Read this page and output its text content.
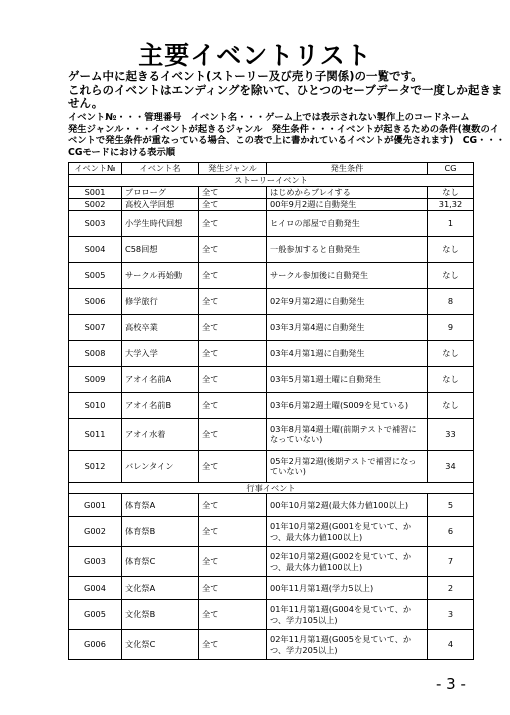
主要イベントリスト

ゲーム中に起きるイベント(ストーリー及び売り子関係)の一覧です。

これらのイベントはエンディングを除いて、ひとつのセーブデータで一度しか起きません。

イベント№・・・管理番号　イベント名・・・ゲーム上では表示されない製作上のコードネーム

発生ジャンル・・・イベントが起きるジャンル　発生条件・・・イベントが起きるための条件(複数のイベントで発生条件が重なっている場合、この表で上に書かれているイベントが優先されます)　CG・・・CGモードにおける表示順

イベント№	イベント名	発生ジャンル	発生条件	CG
ストーリーイベント				
S001	プロローグ	全て	はじめからプレイする	なし
S002	高校入学回想	全て	00年9月2週に自動発生	31,32
S003	小学生時代回想	全て	ヒイロの部屋で自動発生	1
S004	C58回想	全て	一般参加すると自動発生	なし
S005	サークル再始動	全て	サークル参加後に自動発生	なし
S006	修学旅行	全て	02年9月第2週に自動発生	8
S007	高校卒業	全て	03年3月第4週に自動発生	9
S008	大学入学	全て	03年4月第1週に自動発生	なし
S009	アオイ名前A	全て	03年5月第1週土曜に自動発生	なし
S010	アオイ名前B	全て	03年6月第2週土曜(S009を見ている)	なし
S011	アオイ水着	全て	03年8月第4週土曜(前期テストで補習になっていない)	33
S012	バレンタイン	全て	05年2月第2週(後期テストで補習になっていない)	34
行事イベント				
G001	体育祭A	全て	00年10月第2週(最大体力値100以上)	5
G002	体育祭B	全て	01年10月第2週(G001を見ていて、かつ、最大体力値100以上)	6
G003	体育祭C	全て	02年10月第2週(G002を見ていて、かつ、最大体力値100以上)	7
G004	文化祭A	全て	00年11月第1週(学力5以上)	2
G005	文化祭B	全て	01年11月第1週(G004を見ていて、かつ、学力105以上)	3
G006	文化祭C	全て	02年11月第1週(G005を見ていて、かつ、学力205以上)	4
- 3 -
